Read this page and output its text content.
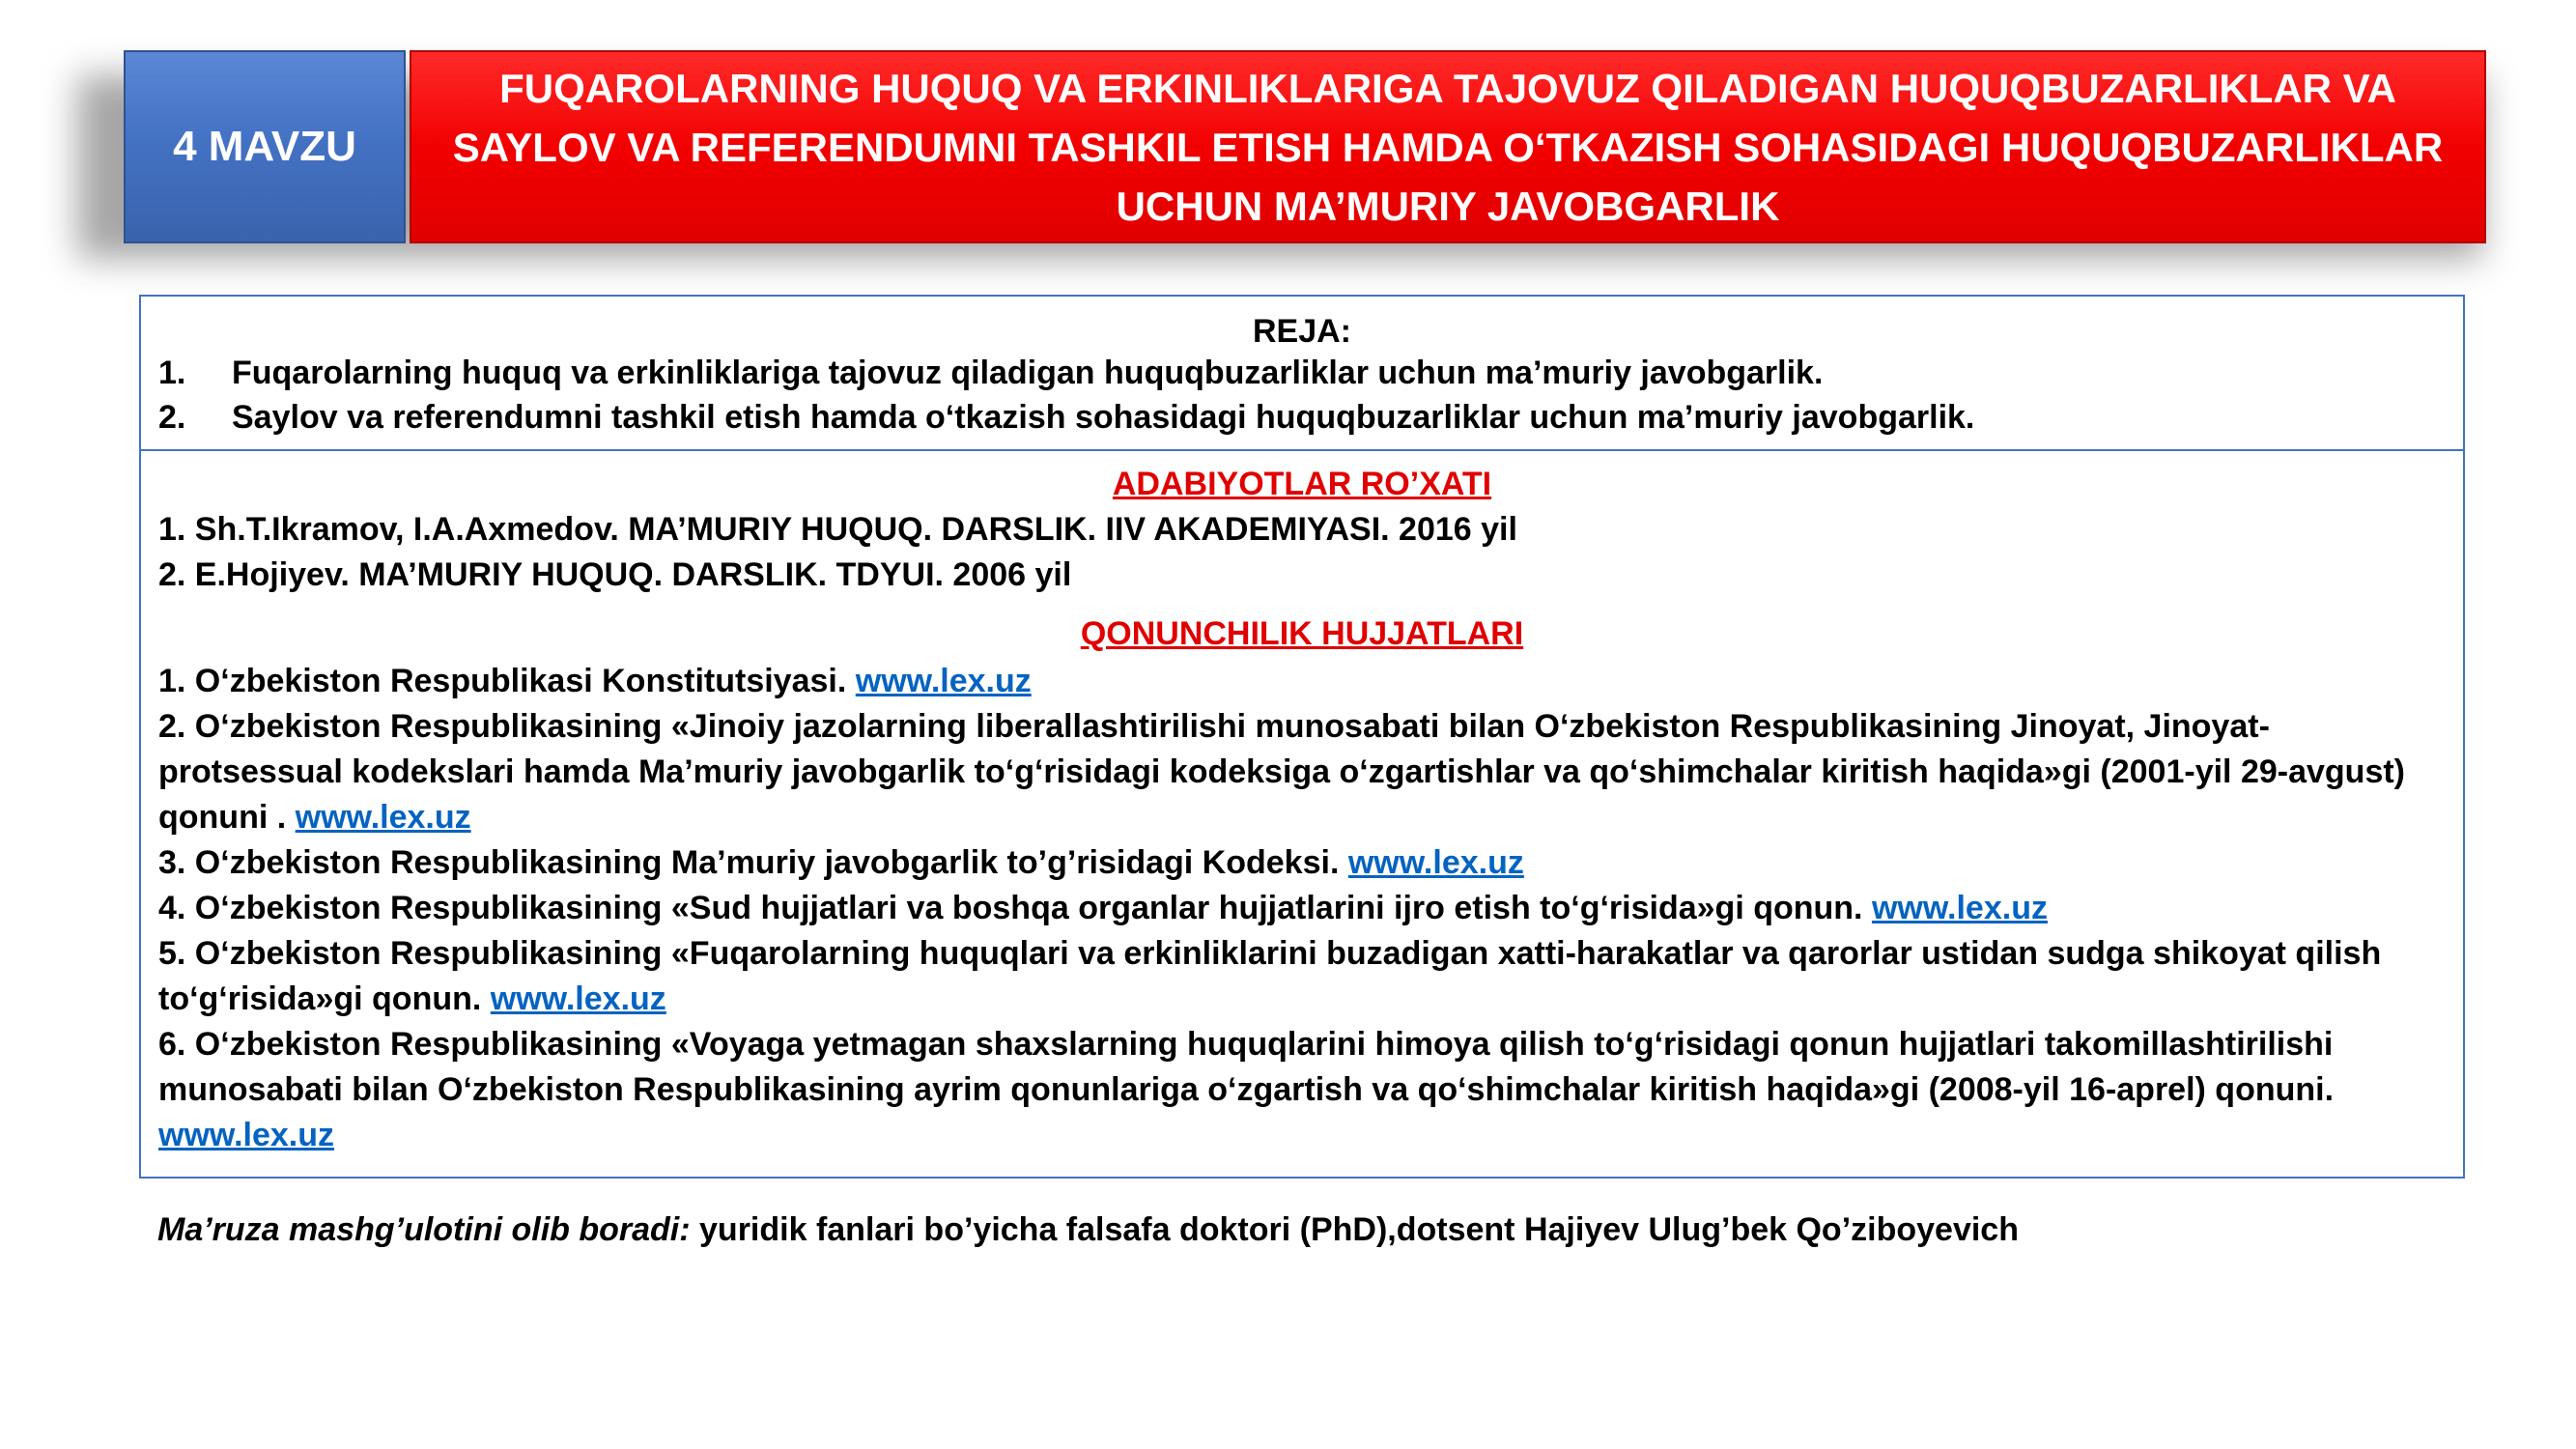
4 MAVZU
FUQAROLARNING HUQUQ VA ERKINLIKLARIGA TAJOVUZ QILADIGAN HUQUQBUZARLIKLAR VA SAYLOV VA REFERENDUMNI TASHKIL ETISH HAMDA O‘TKAZISH SOHASIDAGI HUQUQBUZARLIKLAR UCHUN MA’MURIY JAVOBGARLIK
REJA:
1. Fuqarolarning huquq va erkinliklariga tajovuz qiladigan huquqbuzarliklar uchun ma’muriy javobgarlik.
2. Saylov va referendumni tashkil etish hamda o‘tkazish sohasidagi huquqbuzarliklar uchun ma’muriy javobgarlik.
ADABIYOTLAR RO’XATI
1. Sh.T.Ikramov, I.A.Axmedov. MA’MURIY HUQUQ. DARSLIK. IIV AKADEMIYASI. 2016 yil
2. E.Hojiyev. MA’MURIY HUQUQ. DARSLIK. TDYUI. 2006 yil
QONUNCHILIK HUJJATLARI

1. O‘zbekiston Respublikasi Konstitutsiyasi. www.lex.uz

2. O‘zbekiston Respublikasining «Jinoiy jazolarning liberallashtirilishi munosabati bilan O‘zbekiston Respublikasining Jinoyat, Jinoyat-protsessual kodekslari hamda Ma’muriy javobgarlik to‘g‘risidagi kodeksiga o‘zgartishlar va qo‘shimchalar kiritish haqida»gi (2001-yil 29-avgust) qonuni . www.lex.uz

3. O‘zbekiston Respublikasining Ma’muriy javobgarlik to’g’risidagi Kodeksi. www.lex.uz

4. O‘zbekiston Respublikasining «Sud hujjatlari va boshqa organlar hujjatlarini ijro etish to‘g‘risida»gi qonun. www.lex.uz

5. O‘zbekiston Respublikasining «Fuqarolarning huquqlari va erkinliklarini buzadigan xatti-harakatlar va qarorlar ustidan sudga shikoyat qilish to‘g‘risida»gi qonun. www.lex.uz

6. O‘zbekiston Respublikasining «Voyaga yetmagan shaxslarning huquqlarini himoya qilish to‘g‘risidagi qonun hujjatlari takomillashtirilishi munosabati bilan O‘zbekiston Respublikasining ayrim qonunlariga o‘zgartish va qo‘shimchalar kiritish haqida»gi (2008-yil 16-aprel) qonuni. www.lex.uz

Ma’ruza mashg’ulotini olib boradi: yuridik fanlari bo’yicha falsafa doktori (PhD),dotsent Hajiyev Ulug’bek Qo’ziboyevich
